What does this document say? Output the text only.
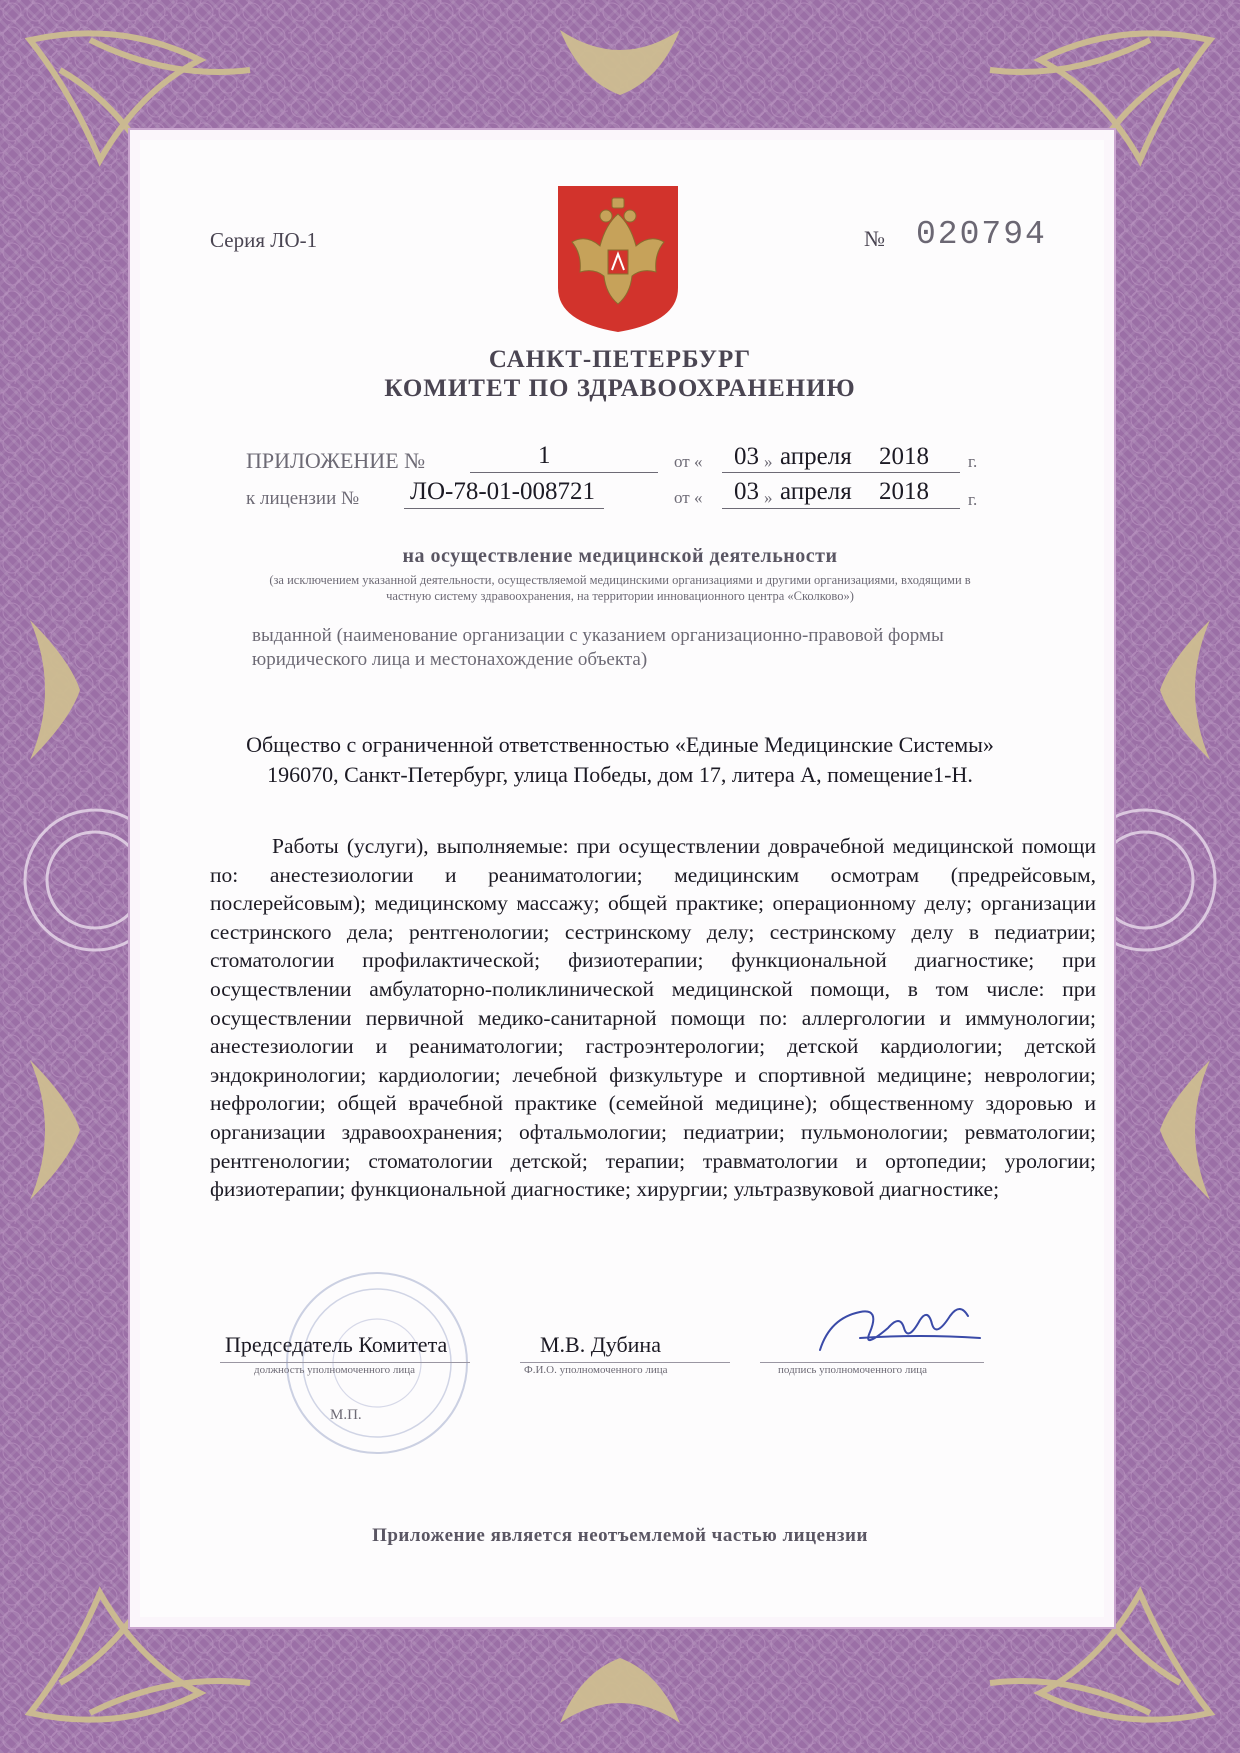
Серия ЛО-1	№ 020794
САНКТ-ПЕТЕРБУРГ
КОМИТЕТ ПО ЗДРАВООХРАНЕНИЮ
ПРИЛОЖЕНИЕ №	1	от « 03 » апреля 2018 г.
к лицензии № ЛО-78-01-008721	от « 03 » апреля 2018 г.
на осуществление медицинской деятельности
(за исключением указанной деятельности, осуществляемой медицинскими организациями и другими организациями, входящими в частную систему здравоохранения, на территории инновационного центра «Сколково»)
выданной (наименование организации с указанием организационно-правовой формы юридического лица и местонахождение объекта)
Общество с ограниченной ответственностью «Единые Медицинские Системы»
196070, Санкт-Петербург, улица Победы, дом 17, литера А, помещение1-Н.
Работы (услуги), выполняемые: при осуществлении доврачебной медицинской помощи по: анестезиологии и реаниматологии; медицинским осмотрам (предрейсовым, послерейсовым); медицинскому массажу; общей практике; операционному делу; организации сестринского дела; рентгенологии; сестринскому делу; сестринскому делу в педиатрии; стоматологии профилактической; физиотерапии; функциональной диагностике; при осуществлении амбулаторно-поликлинической медицинской помощи, в том числе: при осуществлении первичной медико-санитарной помощи по: аллергологии и иммунологии; анестезиологии и реаниматологии; гастроэнтерологии; детской кардиологии; детской эндокринологии; кардиологии; лечебной физкультуре и спортивной медицине; неврологии; нефрологии; общей врачебной практике (семейной медицине); общественному здоровью и организации здравоохранения; офтальмологии; педиатрии; пульмонологии; ревматологии; рентгенологии; стоматологии детской; терапии; травматологии и ортопедии; урологии; физиотерапии; функциональной диагностике; хирургии; ультразвуковой диагностике;
Председатель Комитета
должность уполномоченного лица
М.В. Дубина
Ф.И.О. уполномоченного лица	подпись уполномоченного лица
М.П.
Приложение является неотъемлемой частью лицензии
